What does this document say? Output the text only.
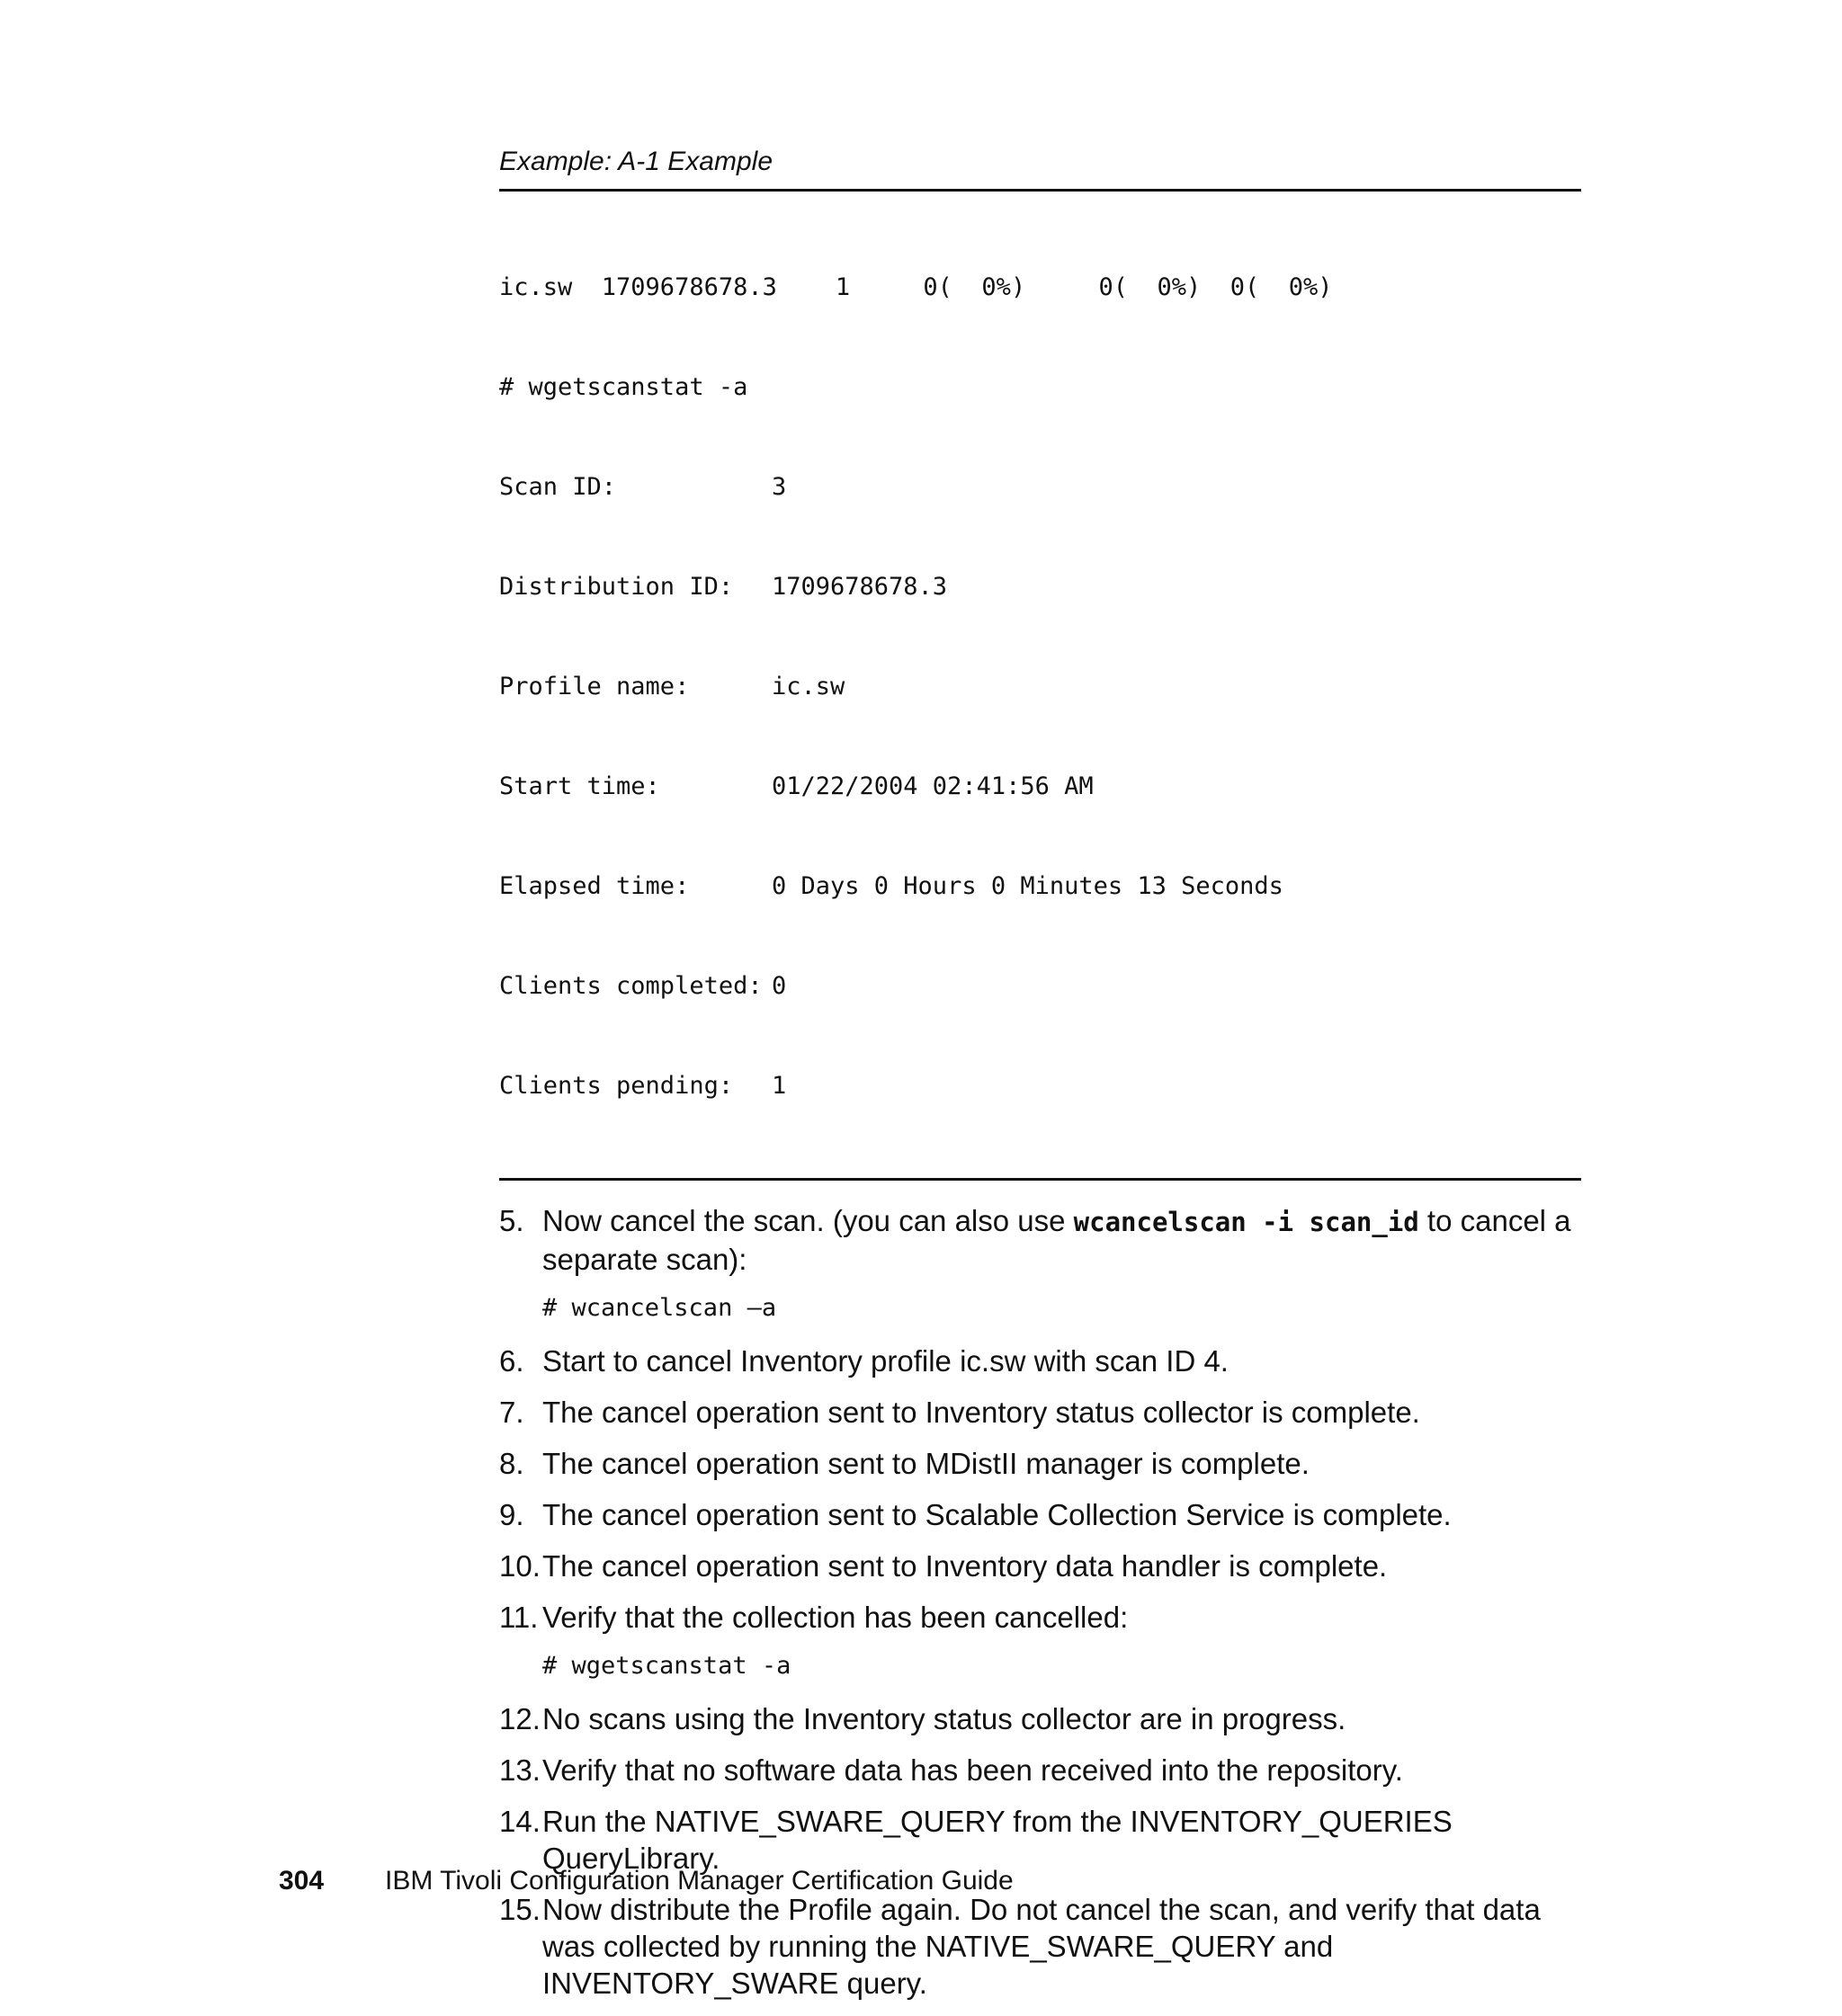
Example: A-1 Example

ic.sw  1709678678.3    1     0(  0%)     0(  0%)  0(  0%)

# wgetscanstat -a

Scan ID:	3

Distribution ID:	1709678678.3

Profile name:	ic.sw

Start time:	01/22/2004 02:41:56 AM

Elapsed time:	0 Days 0 Hours 0 Minutes 13 Seconds

Clients completed: 0

Clients pending:	1

5. Now cancel the scan. (you can also use wcancelscan -i scan_id to cancel a separate scan):
# wcancelscan –a
6. Start to cancel Inventory profile ic.sw with scan ID 4.
7. The cancel operation sent to Inventory status collector is complete.
8. The cancel operation sent to MDistII manager is complete.
9. The cancel operation sent to Scalable Collection Service is complete.
10. The cancel operation sent to Inventory data handler is complete.
11. Verify that the collection has been cancelled:
# wgetscanstat -a
12. No scans using the Inventory status collector are in progress.
13. Verify that no software data has been received into the repository.
14. Run the NATIVE_SWARE_QUERY from the INVENTORY_QUERIES QueryLibrary.
15. Now distribute the Profile again. Do not cancel the scan, and verify that data was collected by running the NATIVE_SWARE_QUERY and INVENTORY_SWARE query.
304	IBM Tivoli Configuration Manager Certification Guide
